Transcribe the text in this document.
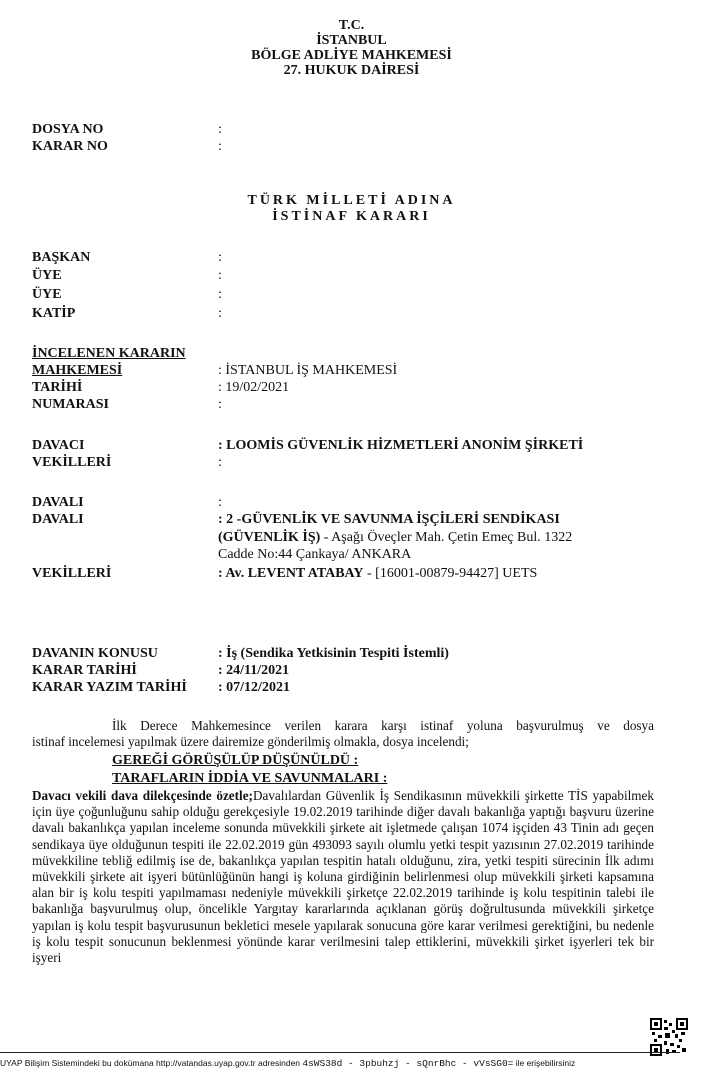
T.C.
İSTANBUL
BÖLGE ADLİYE MAHKEMESİ
27. HUKUK DAİRESİ
DOSYA NO	:
KARAR NO	:
TÜRK MİLLETİ ADINA
İSTİNAF KARARI
BAŞKAN	:
ÜYE	:
ÜYE	:
KATİP	:
İNCELENEN KARARIN
MAHKEMESİ	: İSTANBUL İŞ MAHKEMESİ
TARİHİ	: 19/02/2021
NUMARASI	:
DAVACI	: LOOMİS GÜVENLİK HİZMETLERİ ANONİM ŞİRKETİ
VEKİLLERİ	:
DAVALI	:
DAVALI	: 2 -GÜVENLİK VE SAVUNMA İŞÇİLERİ SENDİKASI
(GÜVENLİK İŞ) - Aşağı Öveçler Mah. Çetin Emeç Bul. 1322
Cadde No:44 Çankaya/ ANKARA
VEKİLLERİ	: Av. LEVENT ATABAY - [16001-00879-94427] UETS
DAVANIN KONUSU	: İş (Sendika Yetkisinin Tespiti İstemli)
KARAR TARİHİ	: 24/11/2021
KARAR YAZIM TARİHİ : 07/12/2021
İlk Derece Mahkemesince verilen karara karşı istinaf yoluna başvurulmuş ve dosya
istinaf incelemesi yapılmak üzere dairemize gönderilmiş olmakla, dosya incelendi;
GEREĞİ GÖRÜŞÜLÜP DÜŞÜNÜLDÜ :
TARAFLARIN İDDİA VE SAVUNMALARI :

Davacı vekili dava dilekçesinde özetle;Davalılardan Güvenlik İş Sendikasının müvekkili şirkette TİS yapabilmek için üye çoğunluğunu sahip olduğu gerekçesiyle 19.02.2019 tarihinde diğer davalı bakanlığa yaptığı başvuru üzerine davalı bakanlıkça yapılan inceleme sonunda müvekkili şirkete ait işletmede çalışan 1074 işçiden 43 Tinin adı geçen sendikaya üye olduğunun tespiti ile 22.02.2019 gün 493093 sayılı olumlu yetki tespit yazısının 27.02.2019 tarihinde müvekkiline tebliğ edilmiş ise de, bakanlıkça yapılan tespitin hatalı olduğunu, zira, yetki tespiti sürecinin İlk adımı müvekkili şirkete ait işyeri bütünlüğünün hangi iş koluna girdiğinin belirlenmesi olup müvekkili şirketi kapsamına alan bir iş kolu tespiti yapılmaması nedeniyle müvekkili şirketçe 22.02.2019 tarihinde iş kolu tespitinin talebi ile bakanlığa başvurulmuş olup, öncelikle Yargıtay kararlarında açıklanan görüş doğrultusunda müvekkili şirketçe yapılan iş kolu tespit başvurusunun bekletici mesele yapılarak sonucuna göre karar verilmesi gerektiğini, bu nedenle iş kolu tespit sonucunun beklenmesi yönünde karar verilmesini talep ettiklerini, müvekkili şirket işyerleri tek bir işyeri

UYAP Bilişim Sistemindeki bu dokümana http://vatandas.uyap.gov.tr adresinden 4sWS38d - 3pbuhzj - sQnrBhc - vVsSG0= ile erişebilirsiniz
